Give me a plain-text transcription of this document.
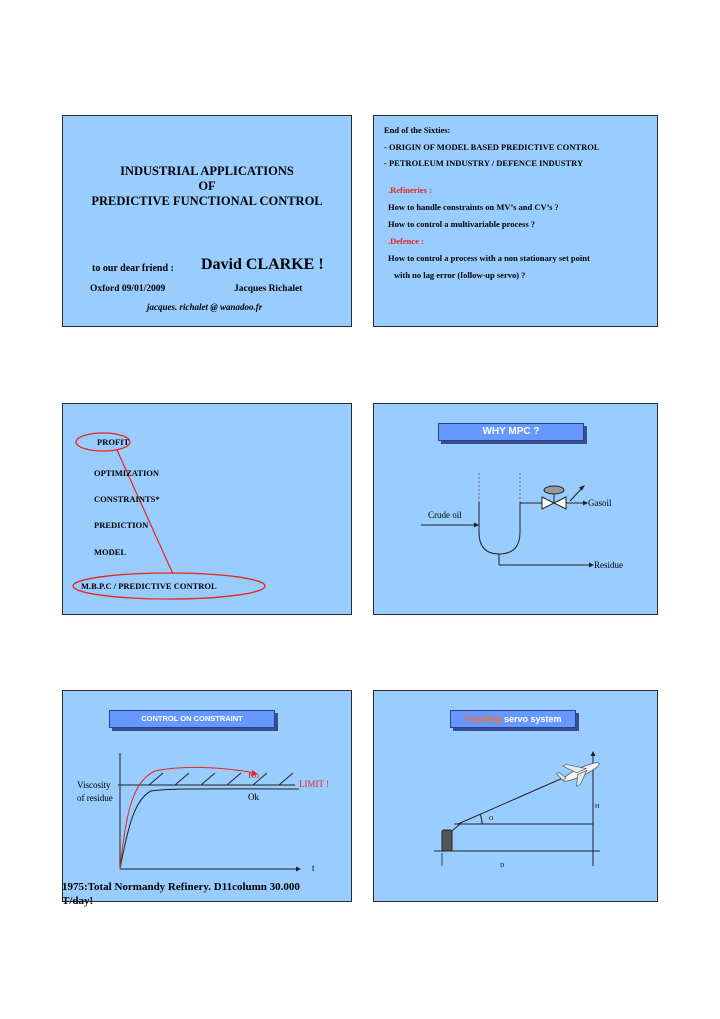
INDUSTRIAL APPLICATIONS
OF
PREDICTIVE FUNCTIONAL CONTROL
to our dear friend : David CLARKE !
Oxford 09/01/2009	Jacques Richalet
jacques. richalet @ wanadoo.fr
End of the Sixties:
- ORIGIN OF MODEL BASED PREDICTIVE CONTROL
- PETROLEUM INDUSTRY / DEFENCE INDUSTRY
.Refineries :
How to handle constraints on MV’s and CV’s ?
How to control a multivariable process ?
.Defence :
How to control a process with a non stationary set point
with no lag error (follow-up servo) ?
PROFIT
OPTIMIZATION
CONSTRAINTS*
PREDICTION
MODEL
M.B.P.C / PREDICTIVE CONTROL
WHY MPC ?
Crude oil
Gasoil
Residue
CONTROL ON CONSTRAINT
Ko
LIMIT !
Ok
Viscosity
of residue
t
1975:Total Normandy Refinery. D11column 30.000 T/day!
Tracking servo system
H
O
D
